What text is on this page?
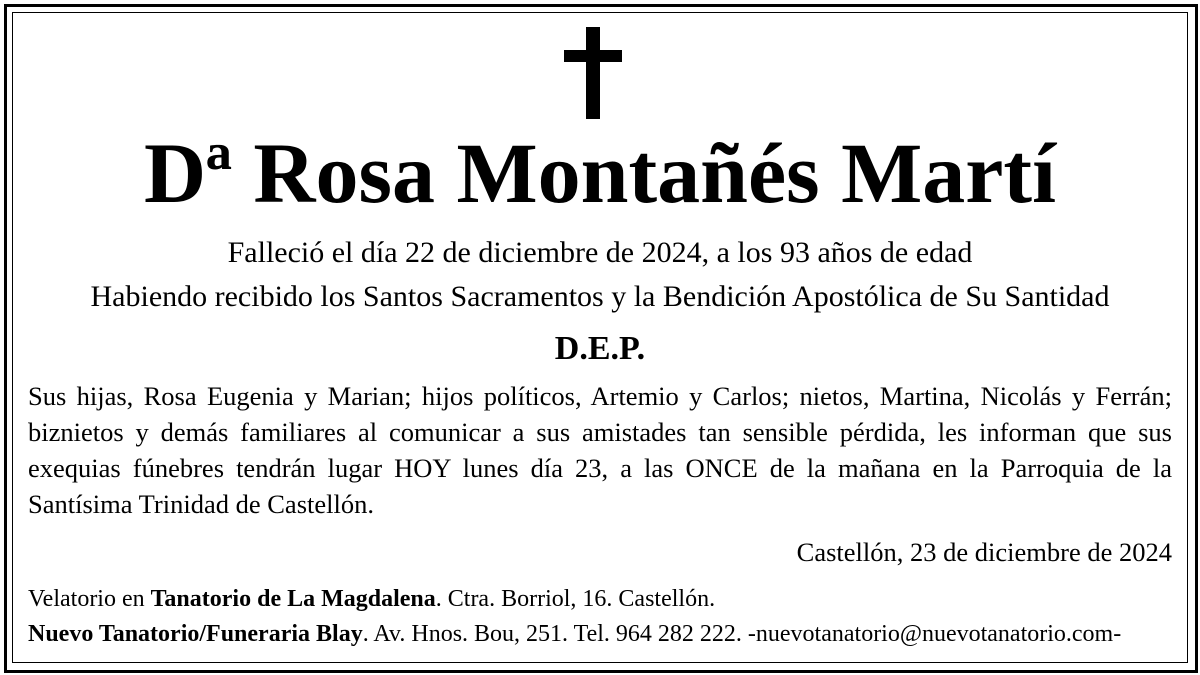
Dª Rosa Montañés Martí
Falleció el día 22 de diciembre de 2024, a los 93 años de edad
Habiendo recibido los Santos Sacramentos y la Bendición Apostólica de Su Santidad
D.E.P.
Sus hijas, Rosa Eugenia y Marian; hijos políticos, Artemio y Carlos; nietos, Martina, Nicolás y Ferrán; biznietos y demás familiares al comunicar a sus amistades tan sensible pérdida, les informan que sus exequias fúnebres tendrán lugar HOY lunes día 23, a las ONCE de la mañana en la Parroquia de la Santísima Trinidad de Castellón.
Castellón, 23 de diciembre de 2024
Velatorio en Tanatorio de La Magdalena. Ctra. Borriol, 16. Castellón.
Nuevo Tanatorio/Funeraria Blay. Av. Hnos. Bou, 251. Tel. 964 282 222. -nuevotanatorio@nuevotanatorio.com-
